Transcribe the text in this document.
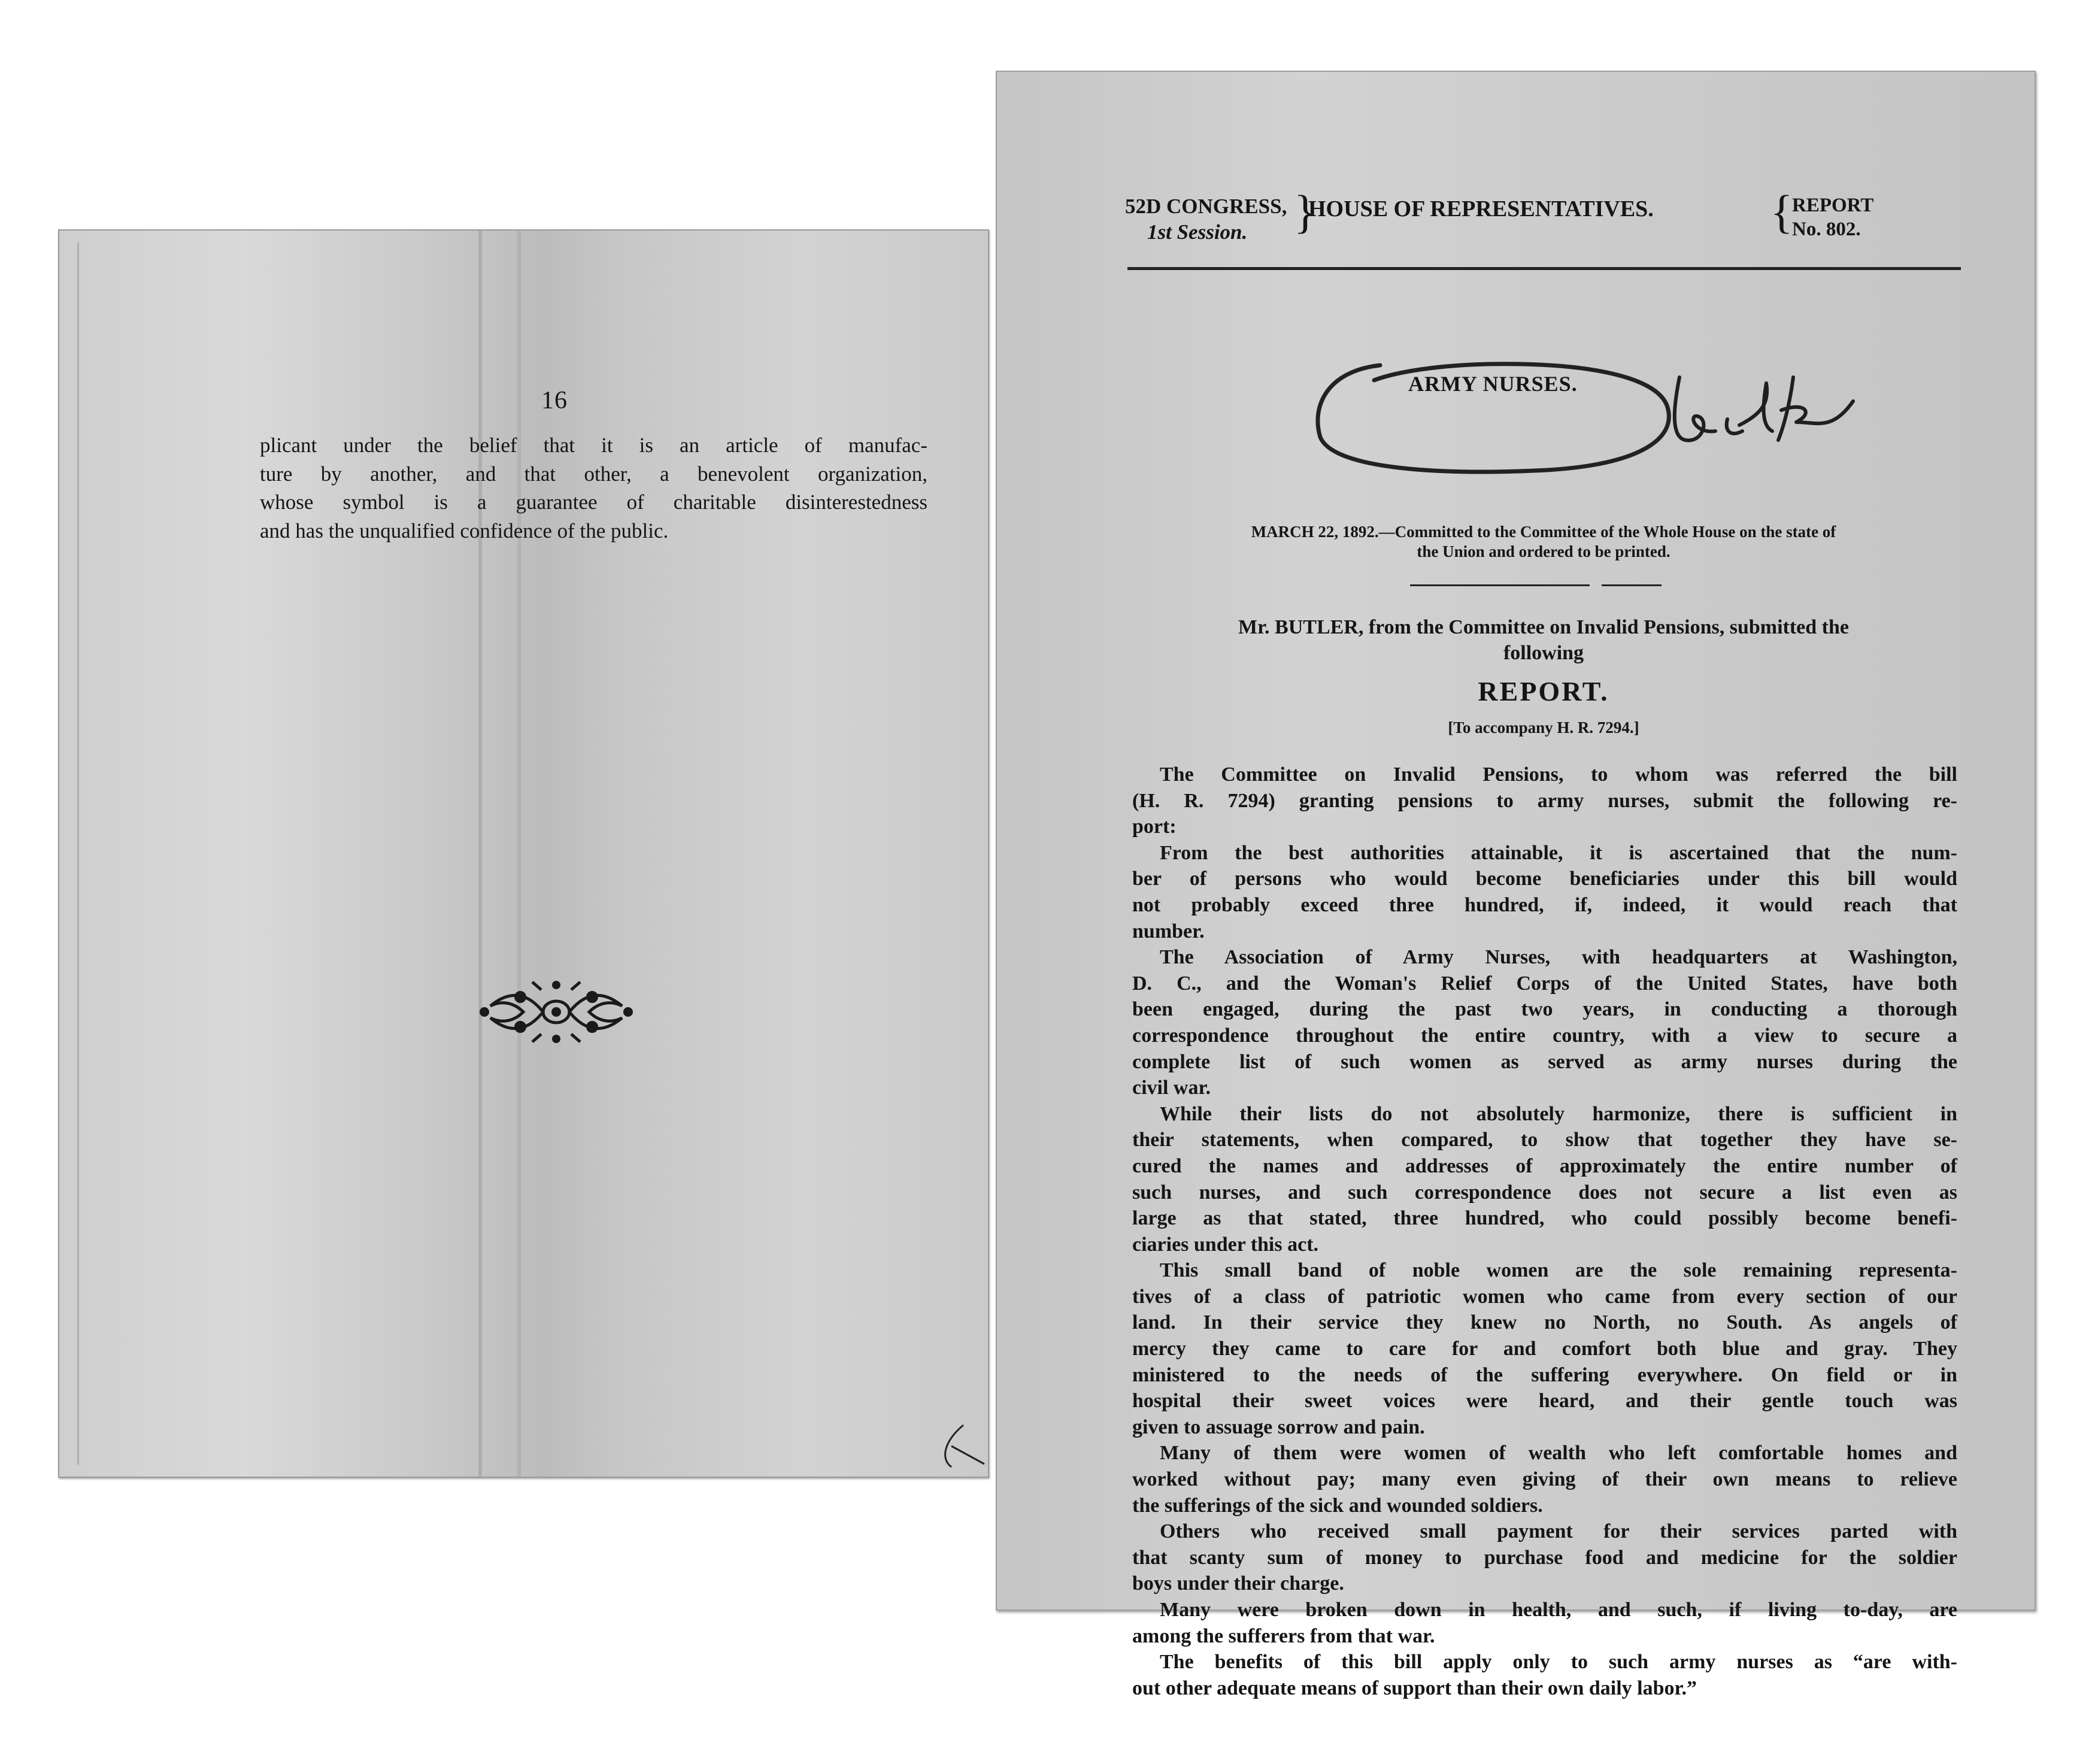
16
plicant under the belief that it is an article of manufac-
ture by another, and that other, a benevolent organization,
whose symbol is a guarantee of charitable disinterestedness
and has the unqualified confidence of the public.
52D CONGRESS,
1st Session. }
HOUSE OF REPRESENTATIVES.	{
REPORT
No. 802.
ARMY NURSES.
MARCH 22, 1892.—Committed to the Committee of the Whole House on the state of
the Union and ordered to be printed.
Mr. BUTLER, from the Committee on Invalid Pensions, submitted the
following
REPORT.
[To accompany H. R. 7294.]
The Committee on Invalid Pensions, to whom was referred the bill
(H. R. 7294) granting pensions to army nurses, submit the following re-
port:
From the best authorities attainable, it is ascertained that the num-
ber of persons who would become beneficiaries under this bill would
not probably exceed three hundred, if, indeed, it would reach that
number.
The Association of Army Nurses, with headquarters at Washington,
D. C., and the Woman's Relief Corps of the United States, have both
been engaged, during the past two years, in conducting a thorough
correspondence throughout the entire country, with a view to secure a
complete list of such women as served as army nurses during the
civil war.
While their lists do not absolutely harmonize, there is sufficient in
their statements, when compared, to show that together they have se-
cured the names and addresses of approximately the entire number of
such nurses, and such correspondence does not secure a list even as
large as that stated, three hundred, who could possibly become benefi-
ciaries under this act.
This small band of noble women are the sole remaining representa-
tives of a class of patriotic women who came from every section of our
land. In their service they knew no North, no South. As angels of
mercy they came to care for and comfort both blue and gray. They
ministered to the needs of the suffering everywhere. On field or in
hospital their sweet voices were heard, and their gentle touch was
given to assuage sorrow and pain.
Many of them were women of wealth who left comfortable homes and
worked without pay; many even giving of their own means to relieve
the sufferings of the sick and wounded soldiers.
Others who received small payment for their services parted with
that scanty sum of money to purchase food and medicine for the soldier
boys under their charge.
Many were broken down in health, and such, if living to-day, are
among the sufferers from that war.
The benefits of this bill apply only to such army nurses as “are with-
out other adequate means of support than their own daily labor.”
